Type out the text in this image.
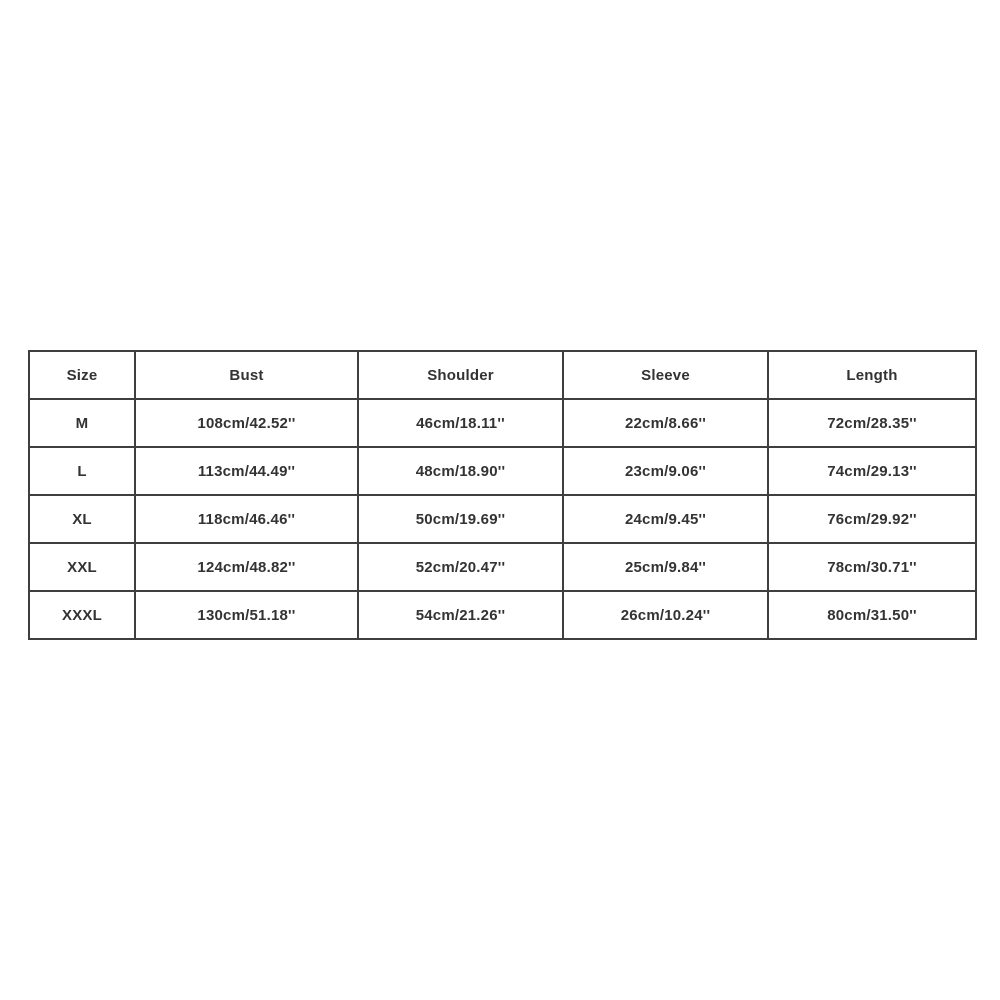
Size	Bust	Shoulder	Sleeve	Length
M	108cm/42.52''	46cm/18.11''	22cm/8.66''	72cm/28.35''
L	113cm/44.49''	48cm/18.90''	23cm/9.06''	74cm/29.13''
XL	118cm/46.46''	50cm/19.69''	24cm/9.45''	76cm/29.92''
XXL	124cm/48.82''	52cm/20.47''	25cm/9.84''	78cm/30.71''
XXXL	130cm/51.18''	54cm/21.26''	26cm/10.24''	80cm/31.50''
